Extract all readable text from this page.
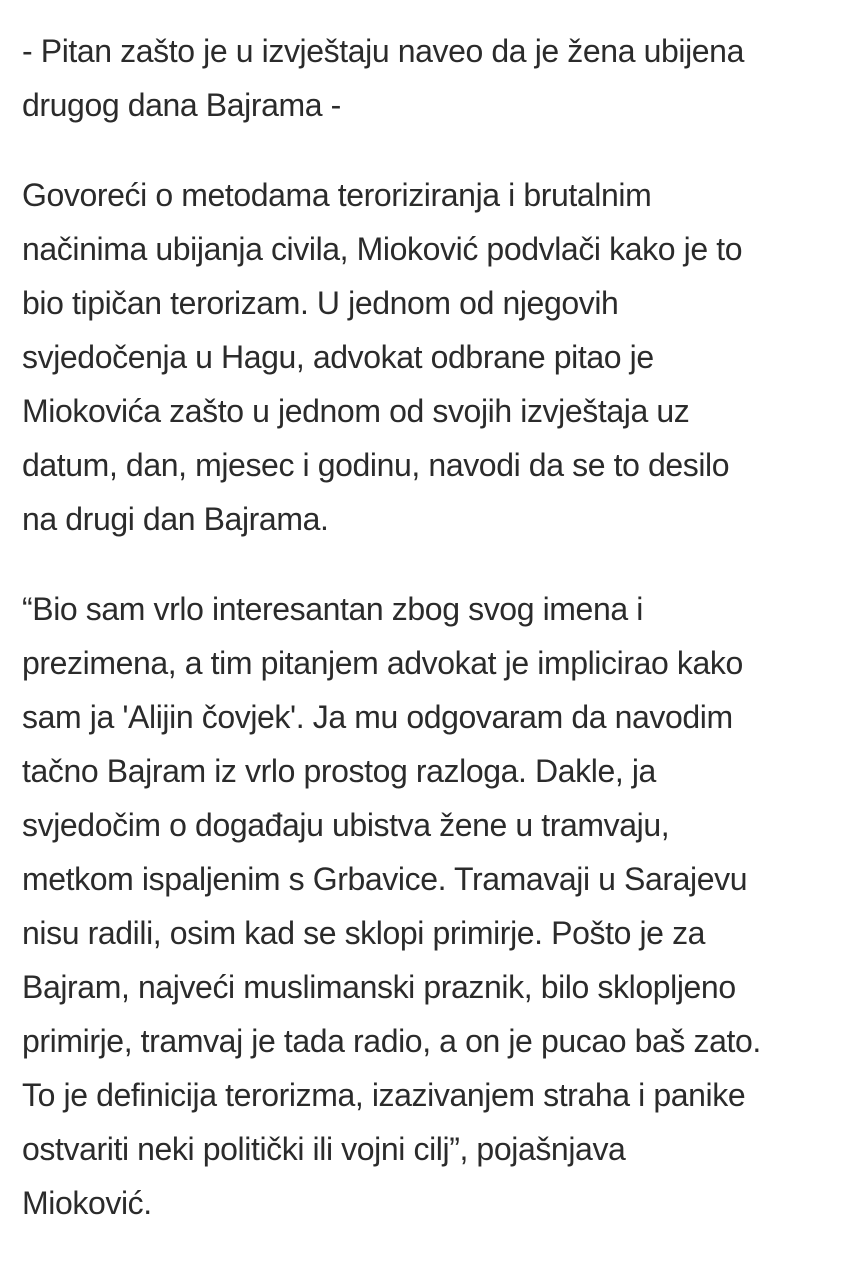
- Pitan zašto je u izvještaju naveo da je žena ubijena
drugog dana Bajrama -

Govoreći o metodama teroriziranja i brutalnim
načinima ubijanja civila, Mioković podvlači kako je to
bio tipičan terorizam. U jednom od njegovih
svjedočenja u Hagu, advokat odbrane pitao je
Miokovića zašto u jednom od svojih izvještaja uz
datum, dan, mjesec i godinu, navodi da se to desilo
na drugi dan Bajrama.

“Bio sam vrlo interesantan zbog svog imena i
prezimena, a tim pitanjem advokat je implicirao kako
sam ja 'Alijin čovjek'. Ja mu odgovaram da navodim
tačno Bajram iz vrlo prostog razloga. Dakle, ja
svjedočim o događaju ubistva žene u tramvaju,
metkom ispaljenim s Grbavice. Tramavaji u Sarajevu
nisu radili, osim kad se sklopi primirje. Pošto je za
Bajram, najveći muslimanski praznik, bilo sklopljeno
primirje, tramvaj je tada radio, a on je pucao baš zato.
To je definicija terorizma, izazivanjem straha i panike
ostvariti neki politički ili vojni cilj”, pojašnjava
Mioković.
